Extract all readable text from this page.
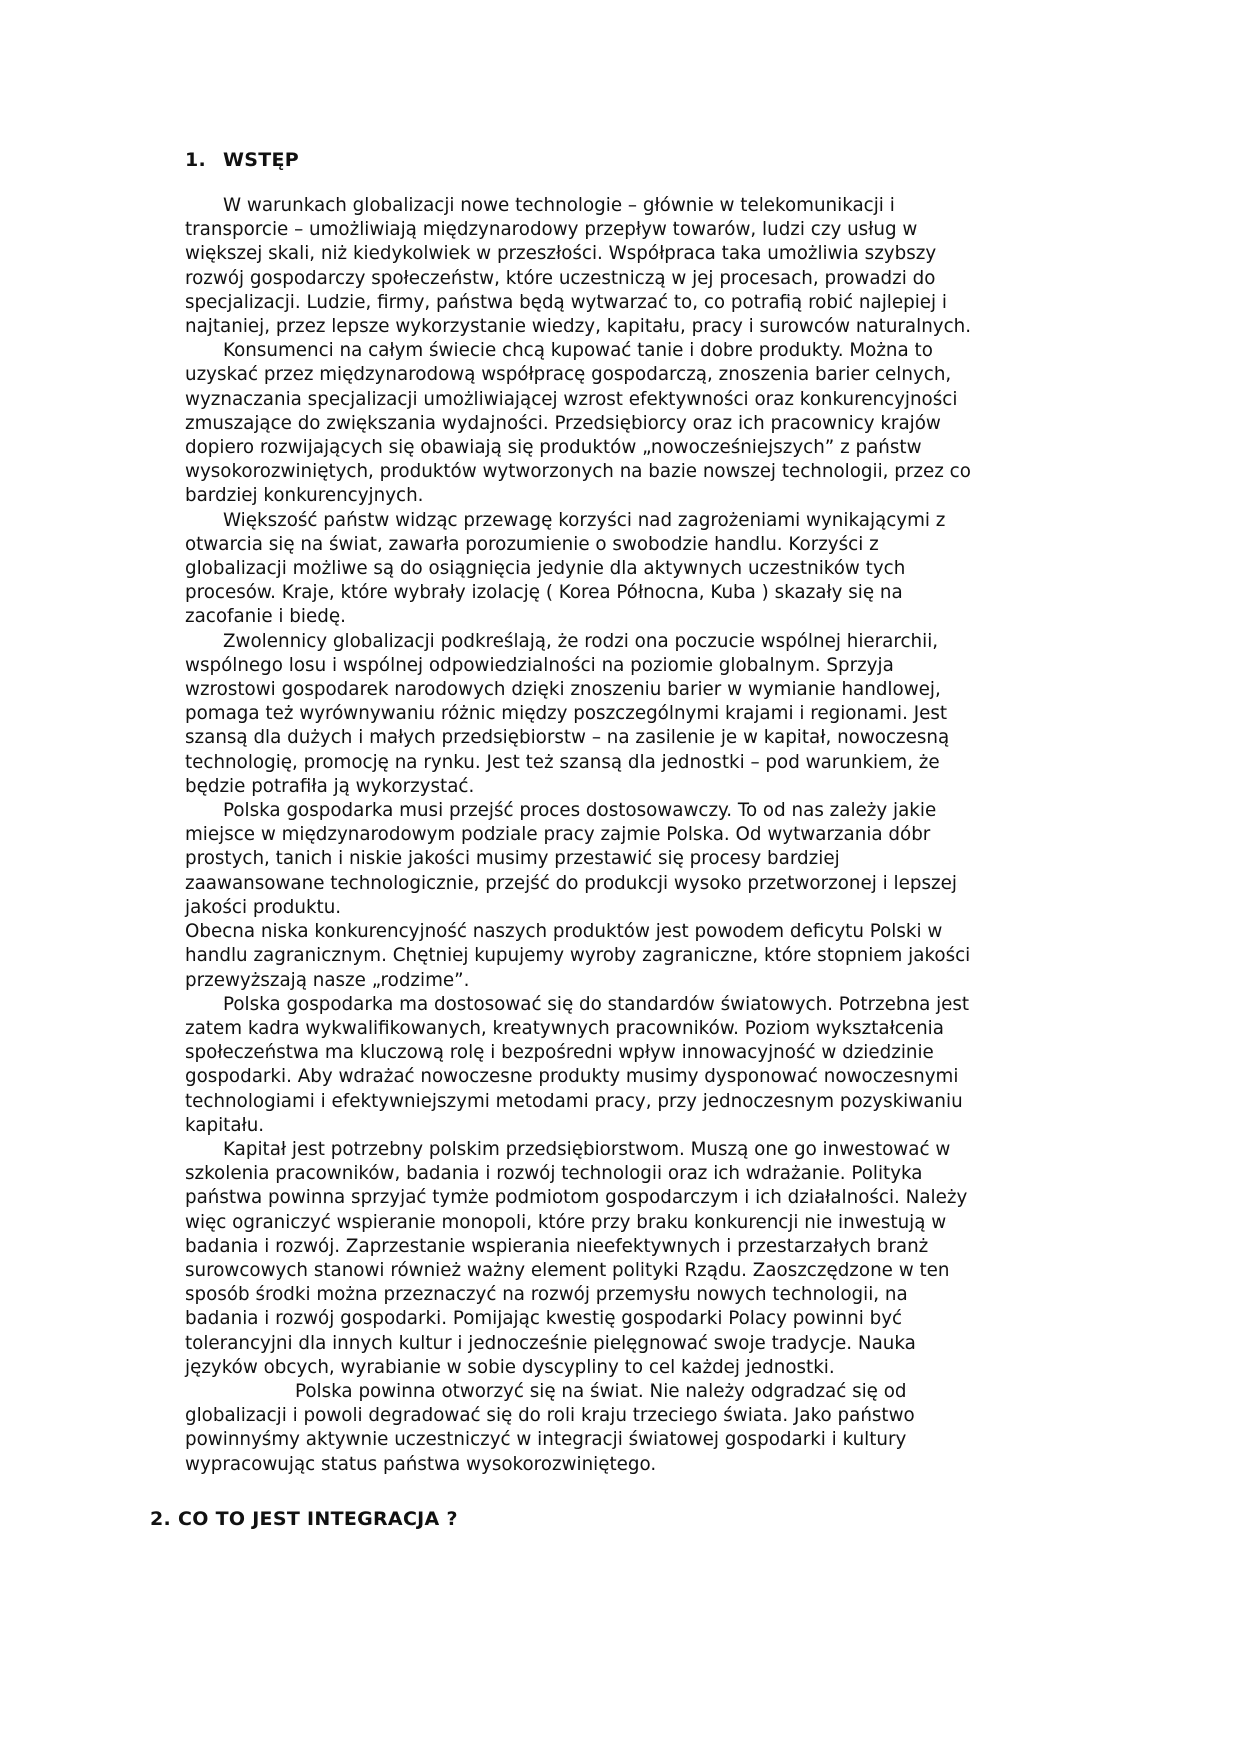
1. WSTĘP
W warunkach globalizacji nowe technologie – głównie w telekomunikacji i
transporcie – umożliwiają międzynarodowy przepływ towarów, ludzi czy usług w
większej skali, niż kiedykolwiek w przeszłości. Współpraca taka umożliwia szybszy
rozwój gospodarczy społeczeństw, które uczestniczą w jej procesach, prowadzi do
specjalizacji. Ludzie, firmy, państwa będą wytwarzać to, co potrafią robić najlepiej i
najtaniej, przez lepsze wykorzystanie wiedzy, kapitału, pracy i surowców naturalnych.
Konsumenci na całym świecie chcą kupować tanie i dobre produkty. Można to
uzyskać przez międzynarodową współpracę gospodarczą, znoszenia barier celnych,
wyznaczania specjalizacji umożliwiającej wzrost efektywności oraz konkurencyjności
zmuszające do zwiększania wydajności. Przedsiębiorcy oraz ich pracownicy krajów
dopiero rozwijających się obawiają się produktów „nowocześniejszych” z państw
wysokorozwiniętych, produktów wytworzonych na bazie nowszej technologii, przez co
bardziej konkurencyjnych.
Większość państw widząc przewagę korzyści nad zagrożeniami wynikającymi z
otwarcia się na świat, zawarła porozumienie o swobodzie handlu. Korzyści z
globalizacji możliwe są do osiągnięcia jedynie dla aktywnych uczestników tych
procesów. Kraje, które wybrały izolację ( Korea Północna, Kuba ) skazały się na
zacofanie i biedę.
Zwolennicy globalizacji podkreślają, że rodzi ona poczucie wspólnej hierarchii,
wspólnego losu i wspólnej odpowiedzialności na poziomie globalnym. Sprzyja
wzrostowi gospodarek narodowych dzięki znoszeniu barier w wymianie handlowej,
pomaga też wyrównywaniu różnic między poszczególnymi krajami i regionami. Jest
szansą dla dużych i małych przedsiębiorstw – na zasilenie je w kapitał, nowoczesną
technologię, promocję na rynku. Jest też szansą dla jednostki – pod warunkiem, że
będzie potrafiła ją wykorzystać.
Polska gospodarka musi przejść proces dostosowawczy. To od nas zależy jakie
miejsce w międzynarodowym podziale pracy zajmie Polska. Od wytwarzania dóbr
prostych, tanich i niskie jakości musimy przestawić się procesy bardziej
zaawansowane technologicznie, przejść do produkcji wysoko przetworzonej i lepszej
jakości produktu.
Obecna niska konkurencyjność naszych produktów jest powodem deficytu Polski w
handlu zagranicznym. Chętniej kupujemy wyroby zagraniczne, które stopniem jakości
przewyższają nasze „rodzime”.
Polska gospodarka ma dostosować się do standardów światowych. Potrzebna jest
zatem kadra wykwalifikowanych, kreatywnych pracowników. Poziom wykształcenia
społeczeństwa ma kluczową rolę i bezpośredni wpływ innowacyjność w dziedzinie
gospodarki. Aby wdrażać nowoczesne produkty musimy dysponować nowoczesnymi
technologiami i efektywniejszymi metodami pracy, przy jednoczesnym pozyskiwaniu
kapitału.
Kapitał jest potrzebny polskim przedsiębiorstwom. Muszą one go inwestować w
szkolenia pracowników, badania i rozwój technologii oraz ich wdrażanie. Polityka
państwa powinna sprzyjać tymże podmiotom gospodarczym i ich działalności. Należy
więc ograniczyć wspieranie monopoli, które przy braku konkurencji nie inwestują w
badania i rozwój. Zaprzestanie wspierania nieefektywnych i przestarzałych branż
surowcowych stanowi również ważny element polityki Rządu. Zaoszczędzone w ten
sposób środki można przeznaczyć na rozwój przemysłu nowych technologii, na
badania i rozwój gospodarki. Pomijając kwestię gospodarki Polacy powinni być
tolerancyjni dla innych kultur i jednocześnie pielęgnować swoje tradycje. Nauka
języków obcych, wyrabianie w sobie dyscypliny to cel każdej jednostki.
Polska powinna otworzyć się na świat. Nie należy odgradzać się od
globalizacji i powoli degradować się do roli kraju trzeciego świata. Jako państwo
powinnyśmy aktywnie uczestniczyć w integracji światowej gospodarki i kultury
wypracowując status państwa wysokorozwiniętego.
2. CO TO JEST INTEGRACJA ?
